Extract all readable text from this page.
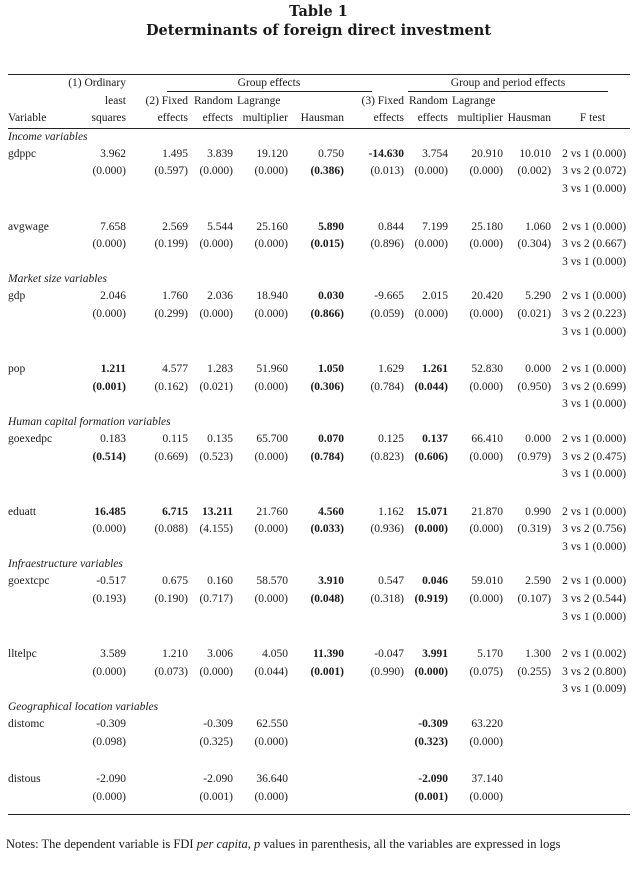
Table 1
Determinants of foreign direct investment
(1) Ordinary		Group effects					Group and period effects			
	least	(2) Fixed	Random	Lagrange		(3) Fixed	Random	Lagrange		
Variable	squares	effects	effects	multiplier	Hausman	effects	effects	multiplier	Hausman	F test
Income variables										
gdppc	3.962	1.495	3.839	19.120	0.750	-14.630	3.754	20.910	10.010	2 vs 1 (0.000)
	(0.000)	(0.597)	(0.000)	(0.000)	(0.386)	(0.013)	(0.000)	(0.000)	(0.002)	3 vs 2 (0.072)
										3 vs 1 (0.000)

avgwage	7.658	2.569	5.544	25.160	5.890	0.844	7.199	25.180	1.060	2 vs 1 (0.000)
	(0.000)	(0.199)	(0.000)	(0.000)	(0.015)	(0.896)	(0.000)	(0.000)	(0.304)	3 vs 2 (0.667)
										3 vs 1 (0.000)
Market size variables										
gdp	2.046	1.760	2.036	18.940	0.030	-9.665	2.015	20.420	5.290	2 vs 1 (0.000)
	(0.000)	(0.299)	(0.000)	(0.000)	(0.866)	(0.059)	(0.000)	(0.000)	(0.021)	3 vs 2 (0.223)
										3 vs 1 (0.000)

pop	1.211	4.577	1.283	51.960	1.050	1.629	1.261	52.830	0.000	2 vs 1 (0.000)
	(0.001)	(0.162)	(0.021)	(0.000)	(0.306)	(0.784)	(0.044)	(0.000)	(0.950)	3 vs 2 (0.699)
										3 vs 1 (0.000)
Human capital formation variables										
goexedpc	0.183	0.115	0.135	65.700	0.070	0.125	0.137	66.410	0.000	2 vs 1 (0.000)
	(0.514)	(0.669)	(0.523)	(0.000)	(0.784)	(0.823)	(0.606)	(0.000)	(0.979)	3 vs 2 (0.475)
										3 vs 1 (0.000)

eduatt	16.485	6.715	13.211	21.760	4.560	1.162	15.071	21.870	0.990	2 vs 1 (0.000)
	(0.000)	(0.088)	(4.155)	(0.000)	(0.033)	(0.936)	(0.000)	(0.000)	(0.319)	3 vs 2 (0.756)
										3 vs 1 (0.000)
Infraestructure variables										
goextcpc	-0.517	0.675	0.160	58.570	3.910	0.547	0.046	59.010	2.590	2 vs 1 (0.000)
	(0.193)	(0.190)	(0.717)	(0.000)	(0.048)	(0.318)	(0.919)	(0.000)	(0.107)	3 vs 2 (0.544)
										3 vs 1 (0.000)

lltelpc	3.589	1.210	3.006	4.050	11.390	-0.047	3.991	5.170	1.300	2 vs 1 (0.002)
	(0.000)	(0.073)	(0.000)	(0.044)	(0.001)	(0.990)	(0.000)	(0.075)	(0.255)	3 vs 2 (0.800)
										3 vs 1 (0.009)
Geographical location variables										
distomc	-0.309		-0.309	62.550			-0.309	63.220		
	(0.098)		(0.325)	(0.000)			(0.323)	(0.000)		

distous	-2.090		-2.090	36.640			-2.090	37.140		
	(0.000)		(0.001)	(0.000)			(0.001)	(0.000)		

Notes: The dependent variable is FDI per capita, p values in parenthesis, all the variables are expressed in logs
